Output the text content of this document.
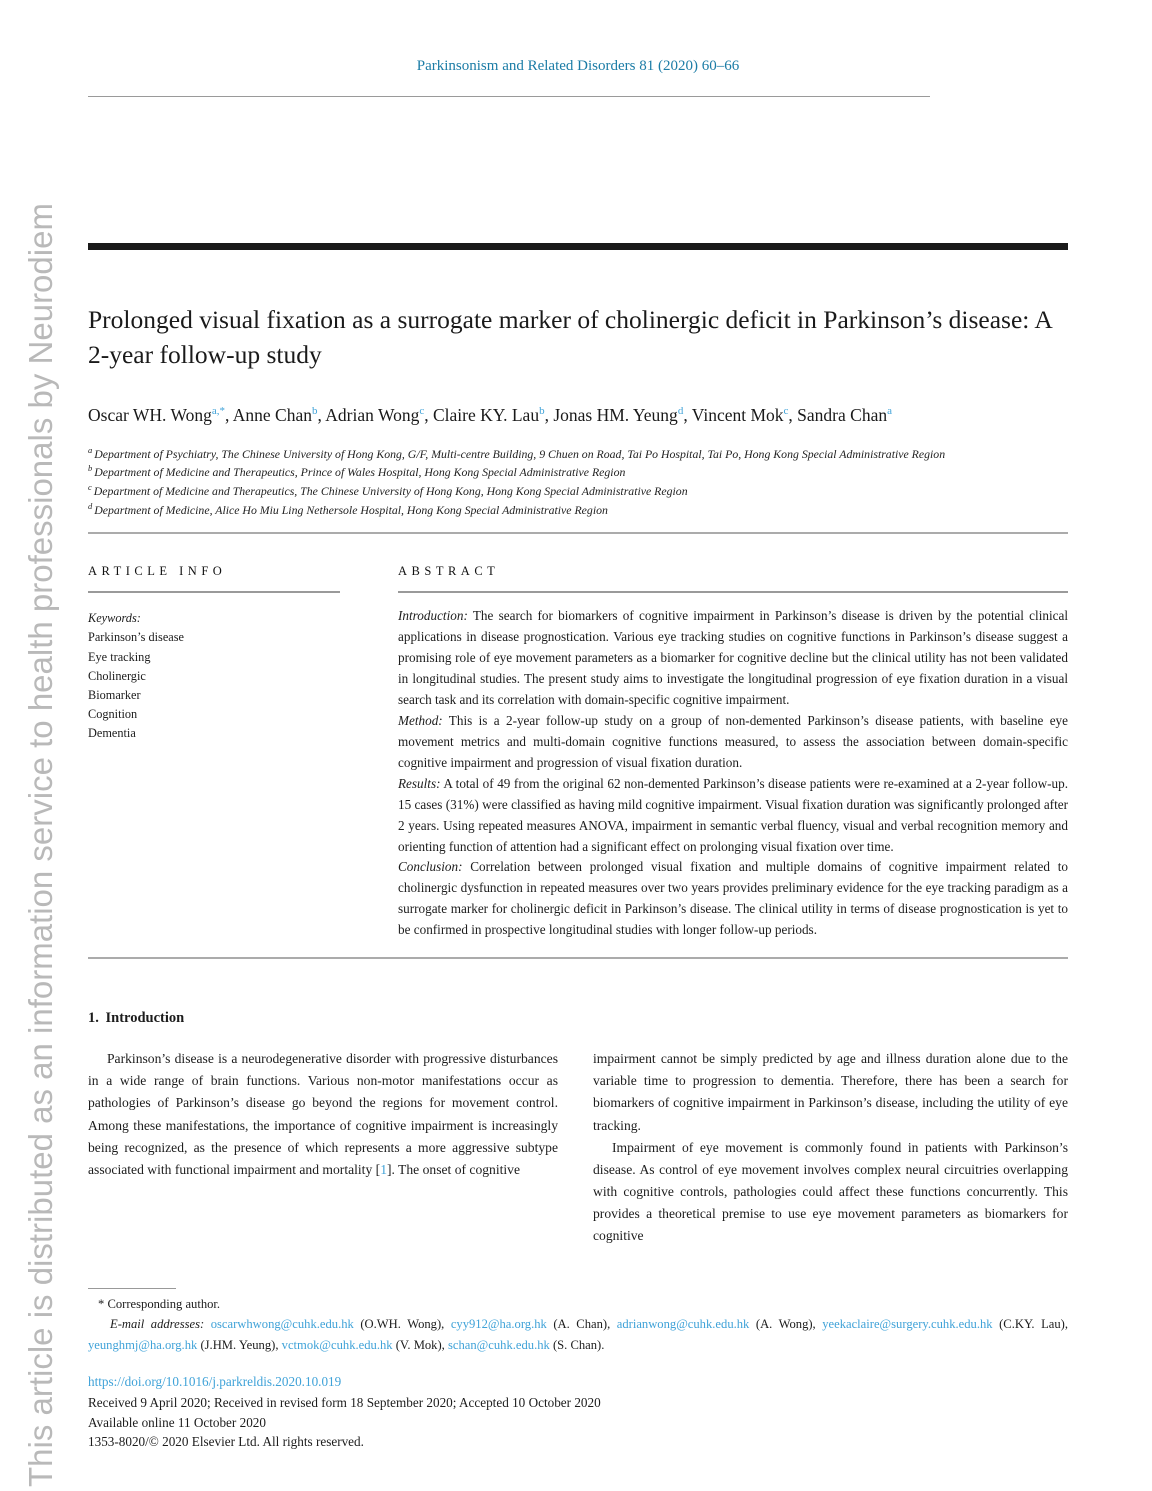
This article is distributed as an information service to health professionals by Neurodiem
Parkinsonism and Related Disorders 81 (2020) 60–66
Prolonged visual fixation as a surrogate marker of cholinergic deficit in Parkinson’s disease: A 2-year follow-up study
Oscar WH. Wong$^{a,*}$, Anne Chan$^b$, Adrian Wong$^c$, Claire KY. Lau$^b$, Jonas HM. Yeung$^d$, Vincent Mok$^c$, Sandra Chan$^a$
$^a$ Department of Psychiatry, The Chinese University of Hong Kong, G/F, Multi-centre Building, 9 Chuen on Road, Tai Po Hospital, Tai Po, Hong Kong Special Administrative Region
$^b$ Department of Medicine and Therapeutics, Prince of Wales Hospital, Hong Kong Special Administrative Region
$^c$ Department of Medicine and Therapeutics, The Chinese University of Hong Kong, Hong Kong Special Administrative Region
$^d$ Department of Medicine, Alice Ho Miu Ling Nethersole Hospital, Hong Kong Special Administrative Region
ARTICLE INFO
Keywords:
Parkinson’s disease
Eye tracking
Cholinergic
Biomarker
Cognition
Dementia
ABSTRACT

Introduction: The search for biomarkers of cognitive impairment in Parkinson’s disease is driven by the potential clinical applications in disease prognostication. Various eye tracking studies on cognitive functions in Parkinson’s disease suggest a promising role of eye movement parameters as a biomarker for cognitive decline but the clinical utility has not been validated in longitudinal studies. The present study aims to investigate the longitudinal progression of eye fixation duration in a visual search task and its correlation with domain-specific cognitive impairment.

Method: This is a 2-year follow-up study on a group of non-demented Parkinson’s disease patients, with baseline eye movement metrics and multi-domain cognitive functions measured, to assess the association between domain-specific cognitive impairment and progression of visual fixation duration.

Results: A total of 49 from the original 62 non-demented Parkinson’s disease patients were re-examined at a 2-year follow-up. 15 cases (31%) were classified as having mild cognitive impairment. Visual fixation duration was significantly prolonged after 2 years. Using repeated measures ANOVA, impairment in semantic verbal fluency, visual and verbal recognition memory and orienting function of attention had a significant effect on prolonging visual fixation over time.

Conclusion: Correlation between prolonged visual fixation and multiple domains of cognitive impairment related to cholinergic dysfunction in repeated measures over two years provides preliminary evidence for the eye tracking paradigm as a surrogate marker for cholinergic deficit in Parkinson’s disease. The clinical utility in terms of disease prognostication is yet to be confirmed in prospective longitudinal studies with longer follow-up periods.

1. Introduction

Parkinson’s disease is a neurodegenerative disorder with progressive disturbances in a wide range of brain functions. Various non-motor manifestations occur as pathologies of Parkinson’s disease go beyond the regions for movement control. Among these manifestations, the importance of cognitive impairment is increasingly being recognized, as the presence of which represents a more aggressive subtype associated with functional impairment and mortality [1]. The onset of cognitive

impairment cannot be simply predicted by age and illness duration alone due to the variable time to progression to dementia. Therefore, there has been a search for biomarkers of cognitive impairment in Parkinson’s disease, including the utility of eye tracking.

Impairment of eye movement is commonly found in patients with Parkinson’s disease. As control of eye movement involves complex neural circuitries overlapping with cognitive controls, pathologies could affect these functions concurrently. This provides a theoretical premise to use eye movement parameters as biomarkers for cognitive

* Corresponding author.
E-mail addresses: oscarwhwong@cuhk.edu.hk (O.WH. Wong), cyy912@ha.org.hk (A. Chan), adrianwong@cuhk.edu.hk (A. Wong), yeekaclaire@surgery.cuhk.edu.hk (C.KY. Lau), yeunghmj@ha.org.hk (J.HM. Yeung), vctmok@cuhk.edu.hk (V. Mok), schan@cuhk.edu.hk (S. Chan).
https://doi.org/10.1016/j.parkreldis.2020.10.019
Received 9 April 2020; Received in revised form 18 September 2020; Accepted 10 October 2020
Available online 11 October 2020
1353-8020/© 2020 Elsevier Ltd. All rights reserved.
